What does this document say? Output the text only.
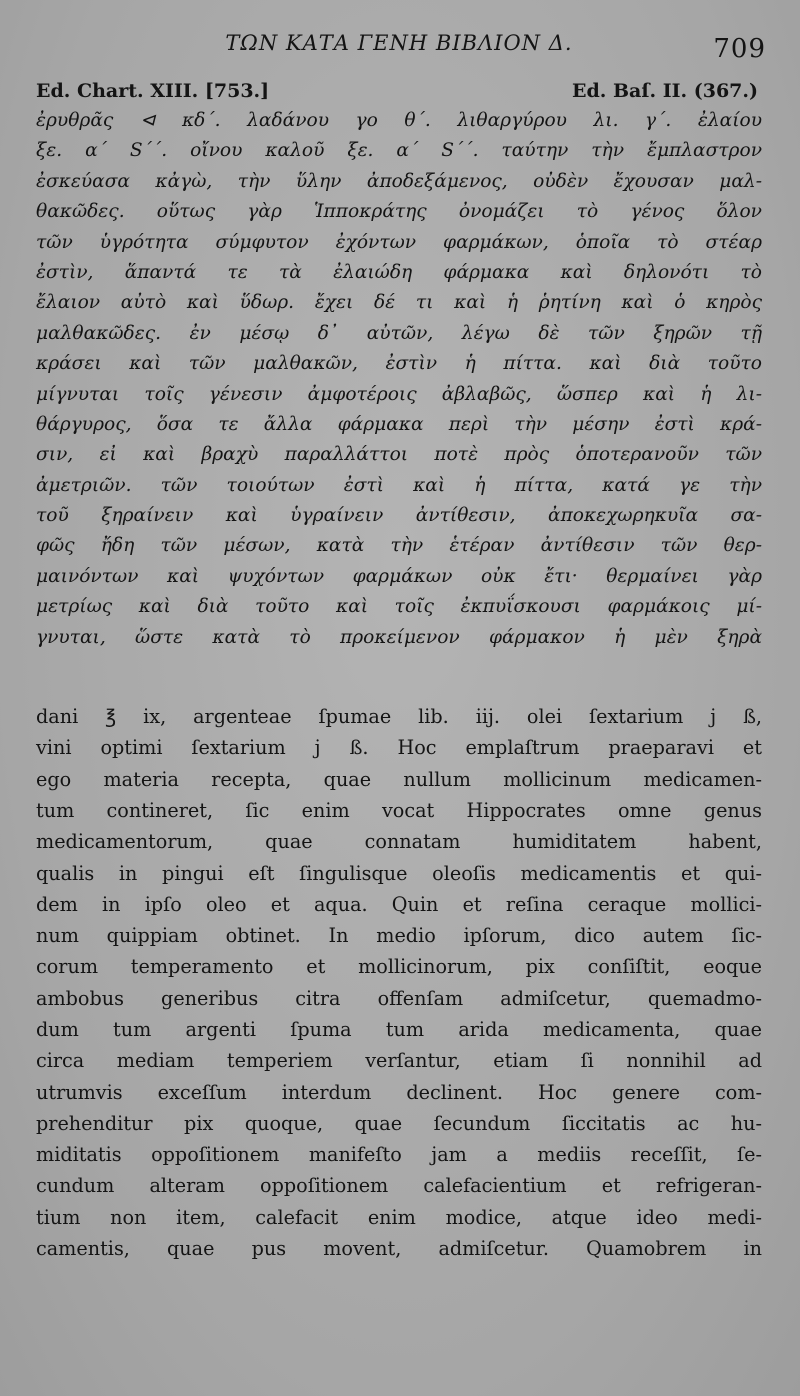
ΤΩΝ ΚΑΤΑ ΓΕΝΗ ΒΙΒΛΙΟΝ Δ.	709
Ed. Chart. XIII. [753.]	Ed. Baſ. II. (367.)
ἐρυθρᾶς ⊲ κδ΄. λαδάνου γο θ΄. λιθαργύρου λι. γ΄. ἐλαίου
ξε. α΄ S΄΄. οἴνου καλοῦ ξε. α΄ S΄΄. ταύτην τὴν ἔμπλαστρον
ἐσκεύασα κἀγὼ, τὴν ὕλην ἀποδεξάμενος, οὐδὲν ἔχουσαν μαλ-
θακῶδες. οὕτως γὰρ Ἱπποκράτης ὀνομάζει τὸ γένος ὅλον
τῶν ὑγρότητα σύμφυτον ἐχόντων φαρμάκων, ὁποῖα τὸ στέαρ
ἐστὶν, ἅπαντά τε τὰ ἐλαιώδη φάρμακα καὶ δηλονότι τὸ
ἔλαιον αὐτὸ καὶ ὕδωρ. ἔχει δέ τι καὶ ἡ ῥητίνη καὶ ὁ κηρὸς
μαλθακῶδες. ἐν μέσῳ δ᾽ αὐτῶν, λέγω δὲ τῶν ξηρῶν τῇ
κράσει καὶ τῶν μαλθακῶν, ἐστὶν ἡ πίττα. καὶ διὰ τοῦτο
μίγνυται τοῖς γένεσιν ἀμφοτέροις ἀβλαβῶς, ὥσπερ καὶ ἡ λι-
θάργυρος, ὅσα τε ἄλλα φάρμακα περὶ τὴν μέσην ἐστὶ κρά-
σιν, εἰ καὶ βραχὺ παραλλάττοι ποτὲ πρὸς ὁποτερανοῦν τῶν
ἀμετριῶν. τῶν τοιούτων ἐστὶ καὶ ἡ πίττα, κατά γε τὴν
τοῦ ξηραίνειν καὶ ὑγραίνειν ἀντίθεσιν, ἀποκεχωρηκυῖα σα-
φῶς ἤδη τῶν μέσων, κατὰ τὴν ἑτέραν ἀντίθεσιν τῶν θερ-
μαινόντων καὶ ψυχόντων φαρμάκων οὐκ ἔτι· θερμαίνει γὰρ
μετρίως καὶ διὰ τοῦτο καὶ τοῖς ἐκπυΐσκουσι φαρμάκοις μί-
γνυται, ὥστε κατὰ τὸ προκείμενον φάρμακον ἡ μὲν ξηρὰ
dani ℥ ix, argenteae ſpumae lib. iij. olei ſextarium j ß,
vini optimi ſextarium j ß. Hoc emplaſtrum praeparavi et
ego materia recepta, quae nullum mollicinum medicamen-
tum contineret, ſic enim vocat Hippocrates omne genus
medicamentorum, quae connatam humiditatem habent,
qualis in pingui eſt ſingulisque oleoſis medicamentis et qui-
dem in ipſo oleo et aqua. Quin et reſina ceraque mollici-
num quippiam obtinet. In medio ipſorum, dico autem ſic-
corum temperamento et mollicinorum, pix conſiſtit, eoque
ambobus generibus citra offenſam admiſcetur, quemadmo-
dum tum argenti ſpuma tum arida medicamenta, quae
circa mediam temperiem verſantur, etiam ſi nonnihil ad
utrumvis exceſſum interdum declinent. Hoc genere com-
prehenditur pix quoque, quae ſecundum ſiccitatis ac hu-
miditatis oppoſitionem manifeſto jam a mediis receſſit, ſe-
cundum alteram oppoſitionem calefacientium et refrigeran-
tium non item, calefacit enim modice, atque ideo medi-
camentis, quae pus movent, admiſcetur. Quamobrem in
